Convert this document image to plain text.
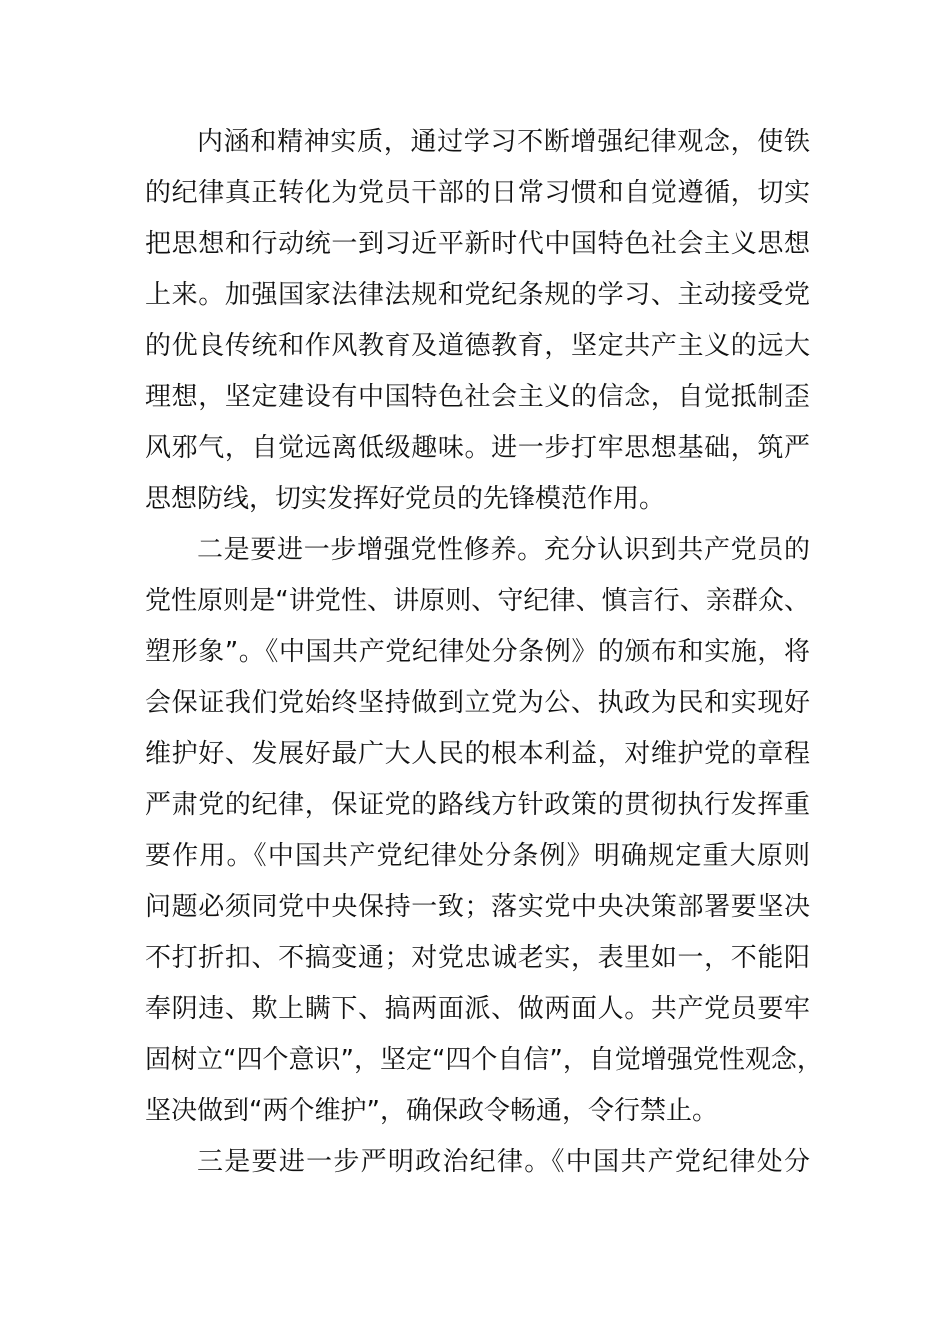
内涵和精神实质，通过学习不断增强纪律观念，使铁
的纪律真正转化为党员干部的日常习惯和自觉遵循，切实
把思想和行动统一到习近平新时代中国特色社会主义思想
上来。加强国家法律法规和党纪条规的学习、主动接受党
的优良传统和作风教育及道德教育，坚定共产主义的远大
理想，坚定建设有中国特色社会主义的信念，自觉抵制歪
风邪气，自觉远离低级趣味。进一步打牢思想基础，筑严
思想防线，切实发挥好党员的先锋模范作用。
二是要进一步增强党性修养。充分认识到共产党员的
党性原则是“讲党性、讲原则、守纪律、慎言行、亲群众、
塑形象”。《中国共产党纪律处分条例》的颁布和实施，将
会保证我们党始终坚持做到立党为公、执政为民和实现好
维护好、发展好最广大人民的根本利益，对维护党的章程
严肃党的纪律，保证党的路线方针政策的贯彻执行发挥重
要作用。《中国共产党纪律处分条例》明确规定重大原则
问题必须同党中央保持一致；落实党中央决策部署要坚决
不打折扣、不搞变通；对党忠诚老实，表里如一，不能阳
奉阴违、欺上瞒下、搞两面派、做两面人。共产党员要牢
固树立“四个意识”，坚定“四个自信”，自觉增强党性观念，
坚决做到“两个维护”，确保政令畅通，令行禁止。
三是要进一步严明政治纪律。《中国共产党纪律处分
